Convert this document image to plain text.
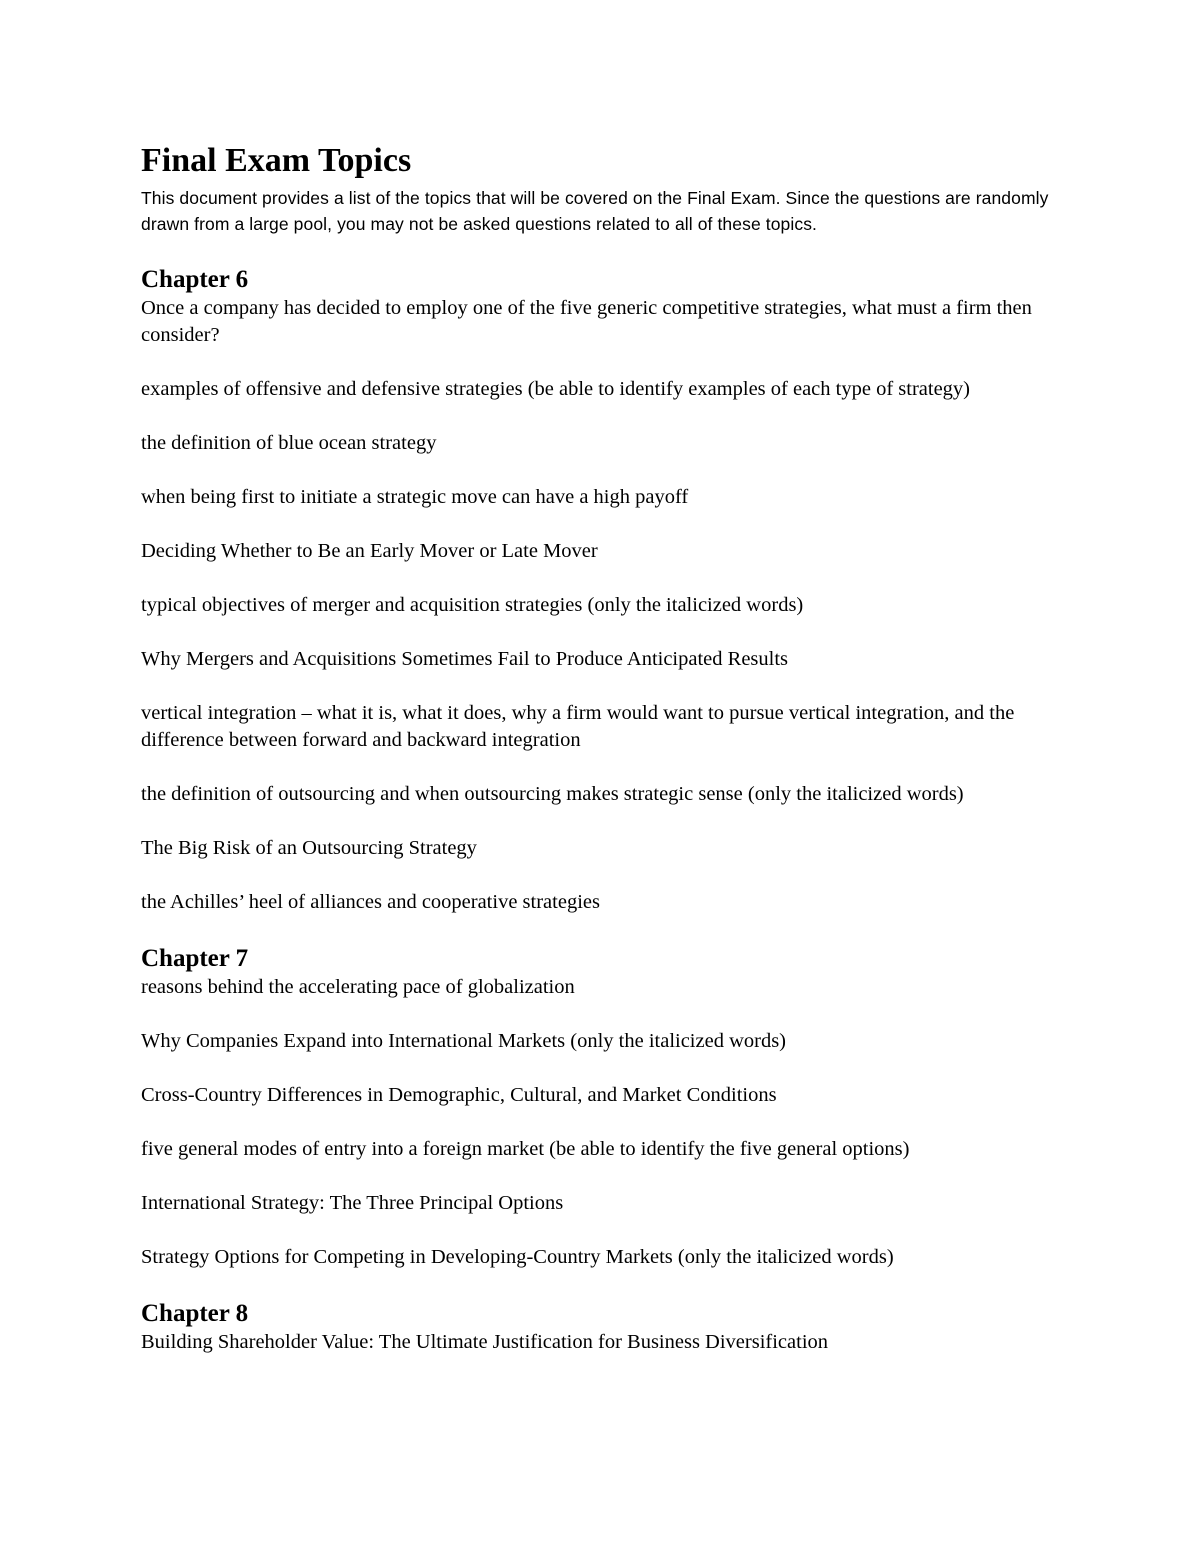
Final Exam Topics

This document provides a list of the topics that will be covered on the Final Exam. Since the questions are randomly drawn from a large pool, you may not be asked questions related to all of these topics.

Chapter 6
Once a company has decided to employ one of the five generic competitive strategies, what must a firm then consider?
examples of offensive and defensive strategies (be able to identify examples of each type of strategy)
the definition of blue ocean strategy
when being first to initiate a strategic move can have a high payoff
Deciding Whether to Be an Early Mover or Late Mover
typical objectives of merger and acquisition strategies (only the italicized words)
Why Mergers and Acquisitions Sometimes Fail to Produce Anticipated Results
vertical integration – what it is, what it does, why a firm would want to pursue vertical integration, and the difference between forward and backward integration
the definition of outsourcing and when outsourcing makes strategic sense (only the italicized words)
The Big Risk of an Outsourcing Strategy
the Achilles’ heel of alliances and cooperative strategies
Chapter 7
reasons behind the accelerating pace of globalization
Why Companies Expand into International Markets (only the italicized words)
Cross-Country Differences in Demographic, Cultural, and Market Conditions
five general modes of entry into a foreign market (be able to identify the five general options)
International Strategy: The Three Principal Options
Strategy Options for Competing in Developing-Country Markets (only the italicized words)
Chapter 8
Building Shareholder Value: The Ultimate Justification for Business Diversification
